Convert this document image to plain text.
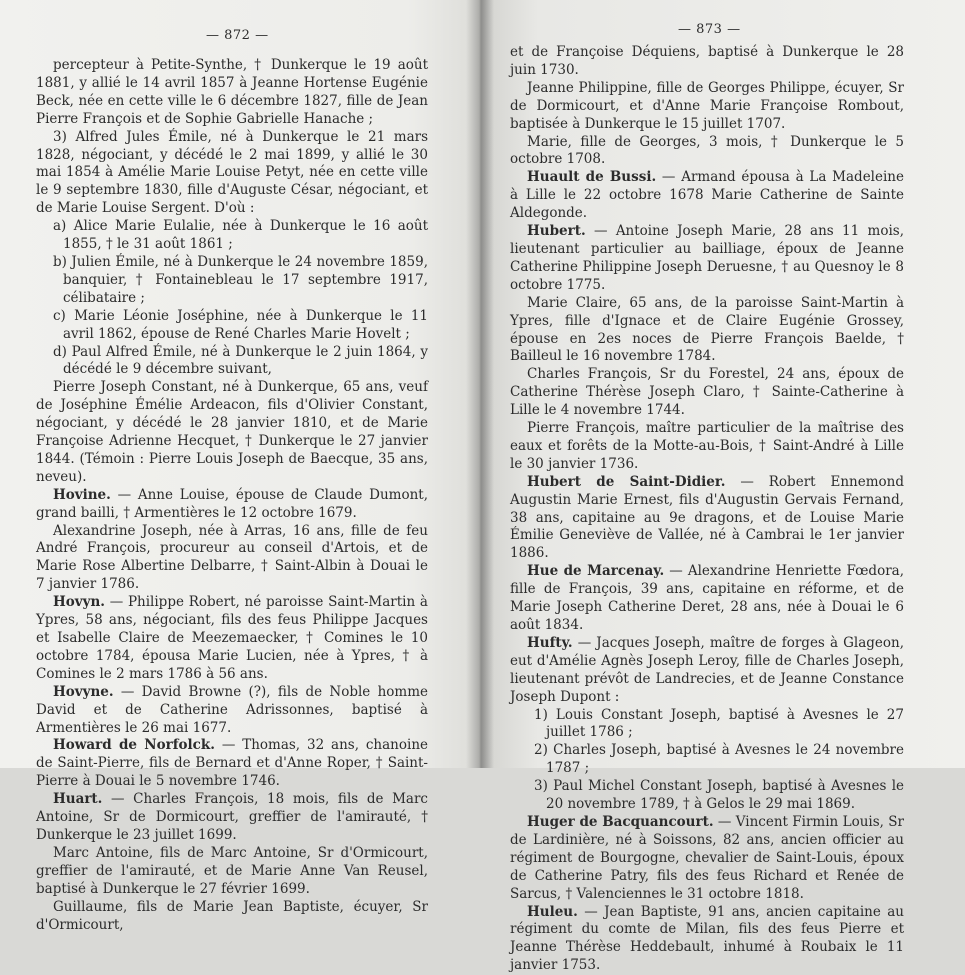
— 872 —

percepteur à Petite-Synthe, † Dunkerque le 19 août 1881, y allié le 14 avril 1857 à Jeanne Hortense Eugénie Beck, née en cette ville le 6 décembre 1827, fille de Jean Pierre François et de Sophie Gabrielle Hanache ;

3) Alfred Jules Émile, né à Dunkerque le 21 mars 1828, négociant, y décédé le 2 mai 1899, y allié le 30 mai 1854 à Amélie Marie Louise Petyt, née en cette ville le 9 septembre 1830, fille d'Auguste César, négociant, et de Marie Louise Sergent. D'où :

a) Alice Marie Eulalie, née à Dunkerque le 16 août 1855, † le 31 août 1861 ;

b) Julien Émile, né à Dunkerque le 24 novembre 1859, banquier, † Fontainebleau le 17 septembre 1917, célibataire ;

c) Marie Léonie Joséphine, née à Dunkerque le 11 avril 1862, épouse de René Charles Marie Hovelt ;

d) Paul Alfred Émile, né à Dunkerque le 2 juin 1864, y décédé le 9 décembre suivant,

Pierre Joseph Constant, né à Dunkerque, 65 ans, veuf de Joséphine Émélie Ardeacon, fils d'Olivier Constant, négociant, y décédé le 28 janvier 1810, et de Marie Françoise Adrienne Hecquet, † Dunkerque le 27 janvier 1844. (Témoin : Pierre Louis Joseph de Baecque, 35 ans, neveu).

Hovine. — Anne Louise, épouse de Claude Dumont, grand bailli, † Armentières le 12 octobre 1679.

Alexandrine Joseph, née à Arras, 16 ans, fille de feu André François, procureur au conseil d'Artois, et de Marie Rose Albertine Delbarre, † Saint-Albin à Douai le 7 janvier 1786.

Hovyn. — Philippe Robert, né paroisse Saint-Martin à Ypres, 58 ans, négociant, fils des feus Philippe Jacques et Isabelle Claire de Meezemaecker, † Comines le 10 octobre 1784, épousa Marie Lucien, née à Ypres, † à Comines le 2 mars 1786 à 56 ans.

Hovyne. — David Browne (?), fils de Noble homme David et de Catherine Adrissonnes, baptisé à Armentières le 26 mai 1677.

Howard de Norfolck. — Thomas, 32 ans, chanoine de Saint-Pierre, fils de Bernard et d'Anne Roper, † Saint-Pierre à Douai le 5 novembre 1746.

Huart. — Charles François, 18 mois, fils de Marc Antoine, Sr de Dormicourt, greffier de l'amirauté, † Dunkerque le 23 juillet 1699.

Marc Antoine, fils de Marc Antoine, Sr d'Ormicourt, greffier de l'amirauté, et de Marie Anne Van Reusel, baptisé à Dunkerque le 27 février 1699.

Guillaume, fils de Marie Jean Baptiste, écuyer, Sr d'Ormicourt,

— 873 —

et de Françoise Déquiens, baptisé à Dunkerque le 28 juin 1730.

Jeanne Philippine, fille de Georges Philippe, écuyer, Sr de Dormicourt, et d'Anne Marie Françoise Rombout, baptisée à Dunkerque le 15 juillet 1707.

Marie, fille de Georges, 3 mois, † Dunkerque le 5 octobre 1708.

Huault de Bussi. — Armand épousa à La Madeleine à Lille le 22 octobre 1678 Marie Catherine de Sainte Aldegonde.

Hubert. — Antoine Joseph Marie, 28 ans 11 mois, lieutenant particulier au bailliage, époux de Jeanne Catherine Philippine Joseph Deruesne, † au Quesnoy le 8 octobre 1775.

Marie Claire, 65 ans, de la paroisse Saint-Martin à Ypres, fille d'Ignace et de Claire Eugénie Grossey, épouse en 2es noces de Pierre François Baelde, † Bailleul le 16 novembre 1784.

Charles François, Sr du Forestel, 24 ans, époux de Catherine Thérèse Joseph Claro, † Sainte-Catherine à Lille le 4 novembre 1744.

Pierre François, maître particulier de la maîtrise des eaux et forêts de la Motte-au-Bois, † Saint-André à Lille le 30 janvier 1736.

Hubert de Saint-Didier. — Robert Ennemond Augustin Marie Ernest, fils d'Augustin Gervais Fernand, 38 ans, capitaine au 9e dragons, et de Louise Marie Émilie Geneviève de Vallée, né à Cambrai le 1er janvier 1886.

Hue de Marcenay. — Alexandrine Henriette Fœdora, fille de François, 39 ans, capitaine en réforme, et de Marie Joseph Catherine Deret, 28 ans, née à Douai le 6 août 1834.

Hufty. — Jacques Joseph, maître de forges à Glageon, eut d'Amélie Agnès Joseph Leroy, fille de Charles Joseph, lieutenant prévôt de Landrecies, et de Jeanne Constance Joseph Dupont :

1) Louis Constant Joseph, baptisé à Avesnes le 27 juillet 1786 ;

2) Charles Joseph, baptisé à Avesnes le 24 novembre 1787 ;

3) Paul Michel Constant Joseph, baptisé à Avesnes le 20 novembre 1789, † à Gelos le 29 mai 1869.

Huger de Bacquancourt. — Vincent Firmin Louis, Sr de Lardinière, né à Soissons, 82 ans, ancien officier au régiment de Bourgogne, chevalier de Saint-Louis, époux de Catherine Patry, fils des feus Richard et Renée de Sarcus, † Valenciennes le 31 octobre 1818.

Huleu. — Jean Baptiste, 91 ans, ancien capitaine au régiment du comte de Milan, fils des feus Pierre et Jeanne Thérèse Heddebault, inhumé à Roubaix le 11 janvier 1753.
